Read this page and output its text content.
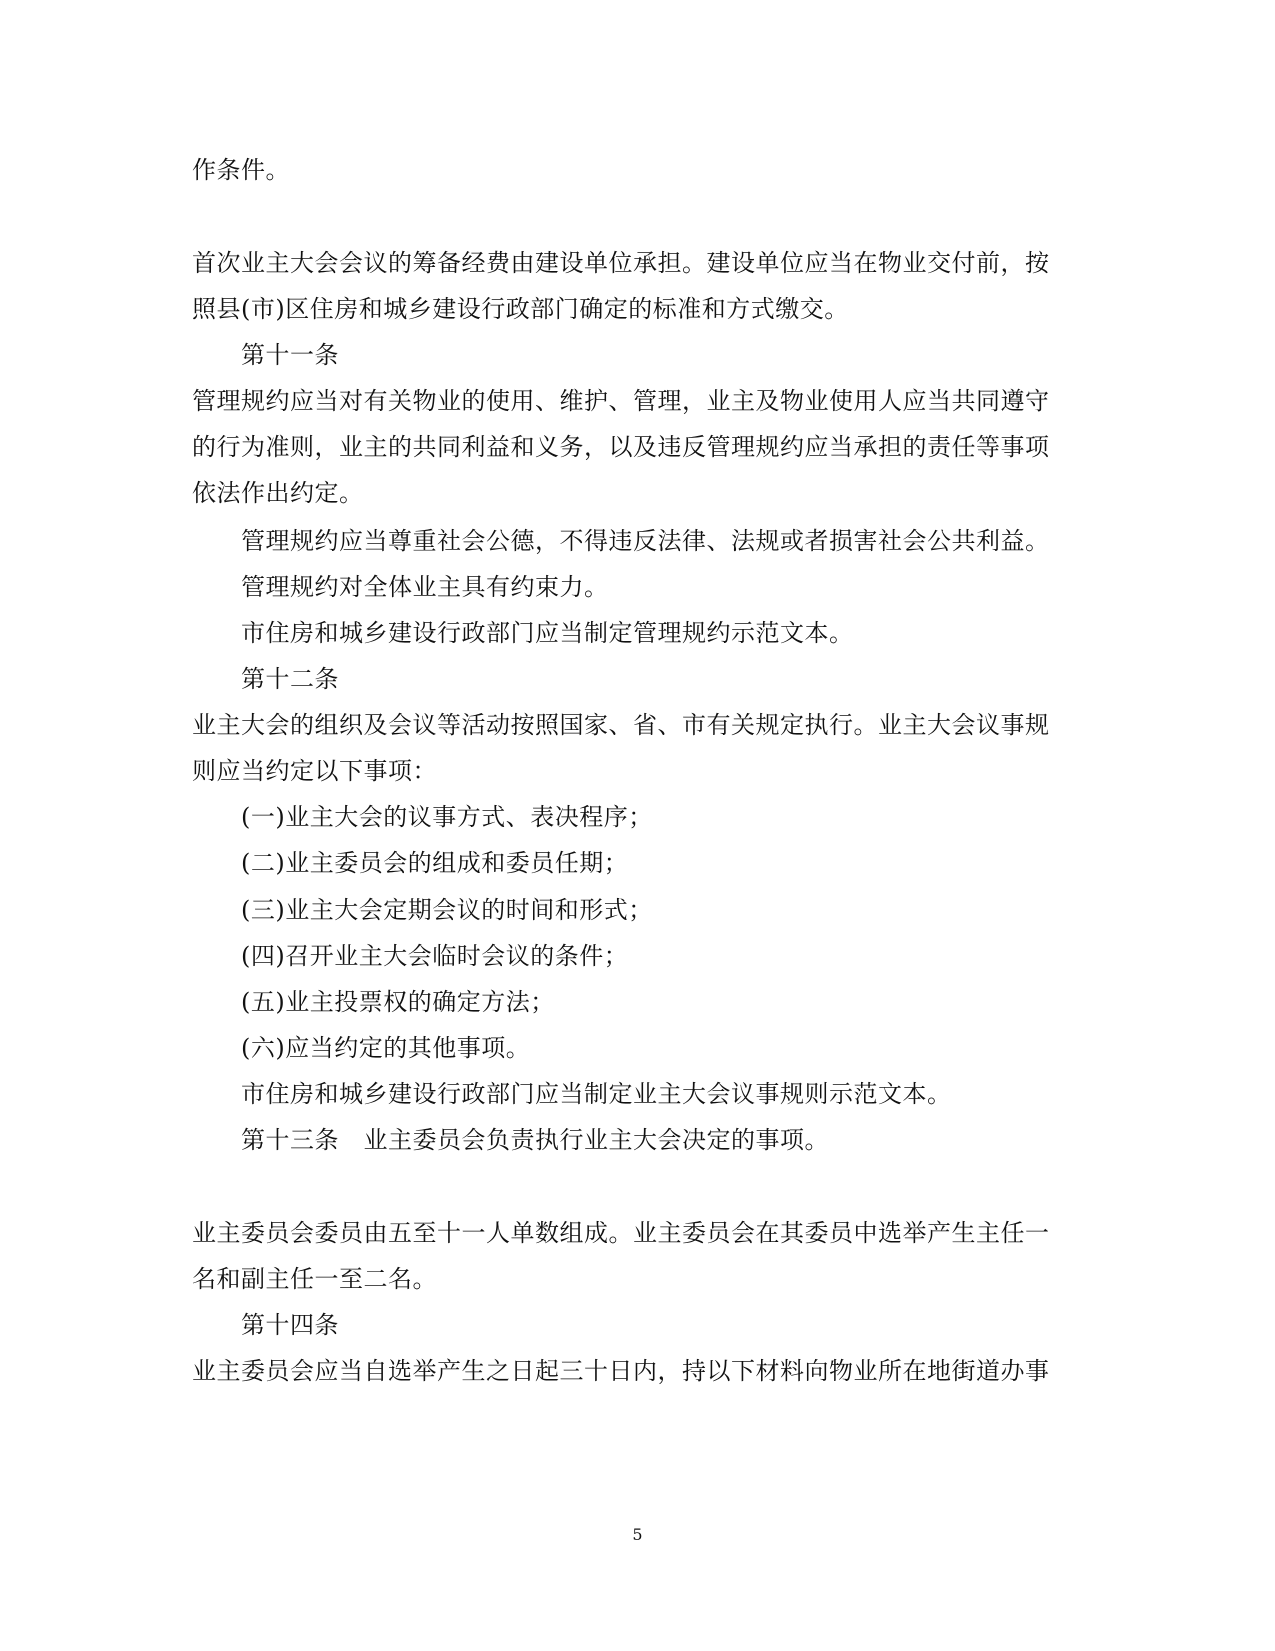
作条件。
首次业主大会会议的筹备经费由建设单位承担。建设单位应当在物业交付前，按
照县(市)区住房和城乡建设行政部门确定的标准和方式缴交。
第十一条
管理规约应当对有关物业的使用、维护、管理，业主及物业使用人应当共同遵守
的行为准则，业主的共同利益和义务，以及违反管理规约应当承担的责任等事项
依法作出约定。
管理规约应当尊重社会公德，不得违反法律、法规或者损害社会公共利益。
管理规约对全体业主具有约束力。
市住房和城乡建设行政部门应当制定管理规约示范文本。
第十二条
业主大会的组织及会议等活动按照国家、省、市有关规定执行。业主大会议事规
则应当约定以下事项：
(一)业主大会的议事方式、表决程序；
(二)业主委员会的组成和委员任期；
(三)业主大会定期会议的时间和形式；
(四)召开业主大会临时会议的条件；
(五)业主投票权的确定方法；
(六)应当约定的其他事项。
市住房和城乡建设行政部门应当制定业主大会议事规则示范文本。
第十三条　业主委员会负责执行业主大会决定的事项。
业主委员会委员由五至十一人单数组成。业主委员会在其委员中选举产生主任一
名和副主任一至二名。
第十四条
业主委员会应当自选举产生之日起三十日内，持以下材料向物业所在地街道办事
5
